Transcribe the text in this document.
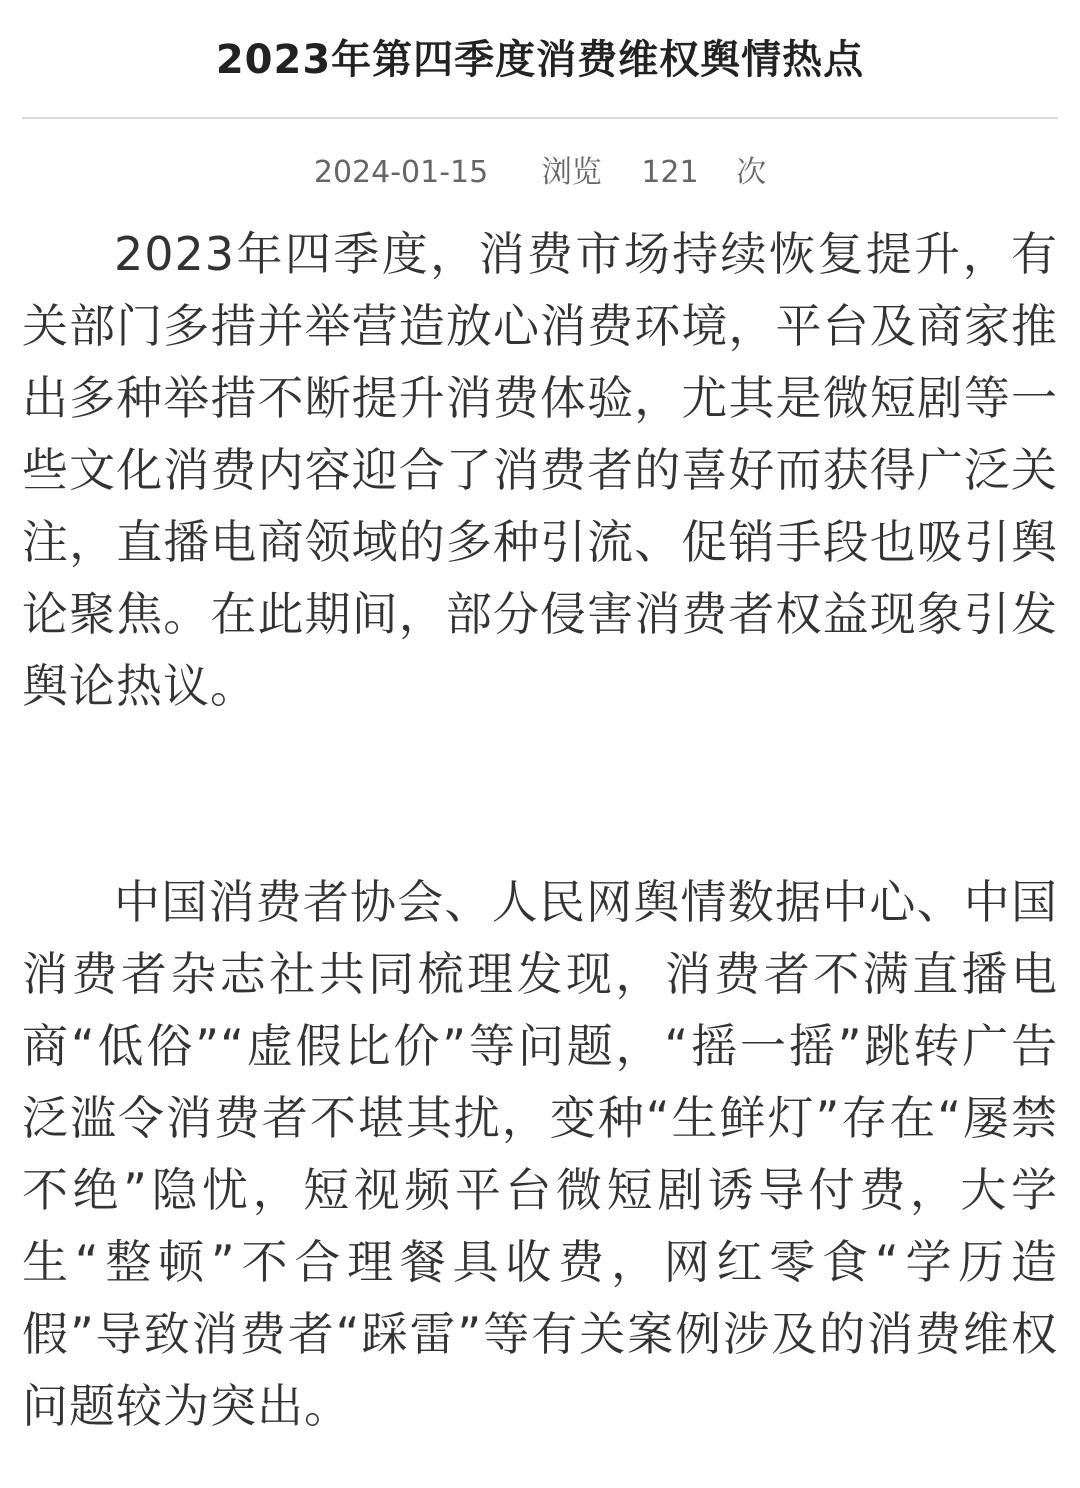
2023年第四季度消费维权舆情热点
2024-01-15 浏览 121 次

2023年四季度，消费市场持续恢复提升，有关部门多措并举营造放心消费环境，平台及商家推出多种举措不断提升消费体验，尤其是微短剧等一些文化消费内容迎合了消费者的喜好而获得广泛关注，直播电商领域的多种引流、促销手段也吸引舆论聚焦。在此期间，部分侵害消费者权益现象引发舆论热议。

中国消费者协会、人民网舆情数据中心、中国消费者杂志社共同梳理发现，消费者不满直播电商“低俗”“虚假比价”等问题，“摇一摇”跳转广告泛滥令消费者不堪其扰，变种“生鲜灯”存在“屡禁不绝”隐忧，短视频平台微短剧诱导付费，大学生“整顿”不合理餐具收费，网红零食“学历造假”导致消费者“踩雷”等有关案例涉及的消费维权问题较为突出。
